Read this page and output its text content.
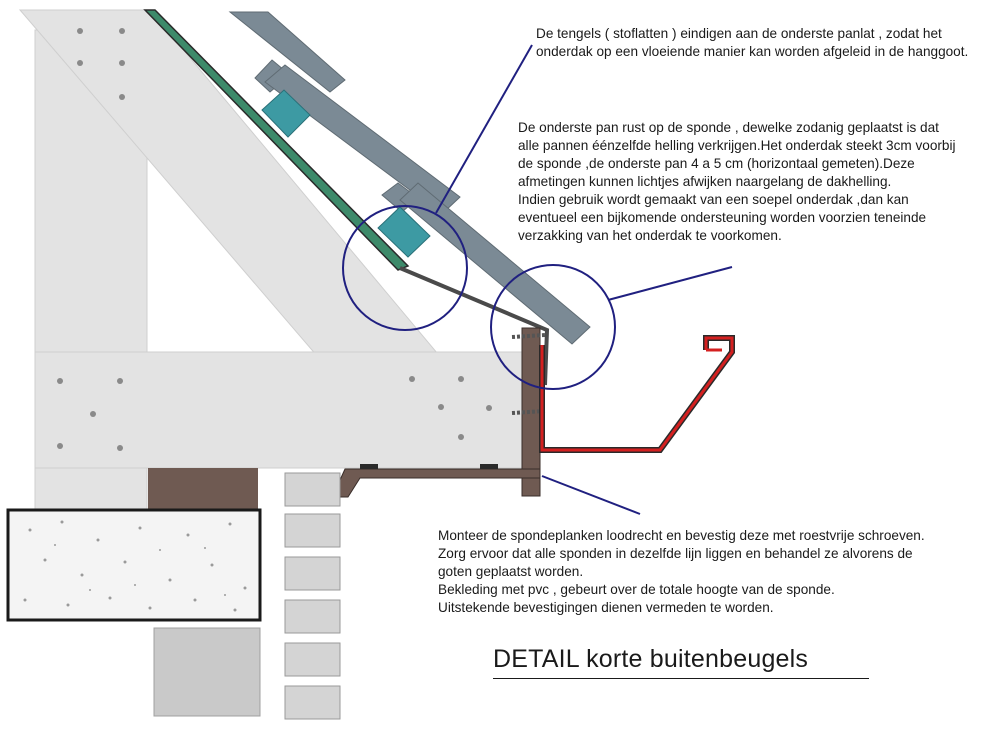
De tengels ( stoflatten ) eindigen aan de onderste panlat , zodat het onderdak op een vloeiende manier kan worden afgeleid in de hanggoot.

De onderste pan rust op de sponde , dewelke zodanig geplaatst is dat
alle pannen éénzelfde helling verkrijgen.Het onderdak steekt 3cm voorbij
de sponde ,de onderste pan 4 a 5 cm (horizontaal gemeten).Deze
afmetingen kunnen lichtjes afwijken naargelang de dakhelling.
Indien gebruik wordt gemaakt van een soepel onderdak ,dan kan
eventueel een bijkomende ondersteuning worden voorzien teneinde
verzakking van het onderdak te voorkomen.
Monteer de spondeplanken loodrecht en bevestig deze met roestvrije schroeven.
Zorg ervoor dat alle sponden in dezelfde lijn liggen en behandel ze alvorens de
goten geplaatst worden.
Bekleding met pvc , gebeurt over de totale hoogte van de sponde.
Uitstekende bevestigingen dienen vermeden te worden.
DETAIL korte buitenbeugels
